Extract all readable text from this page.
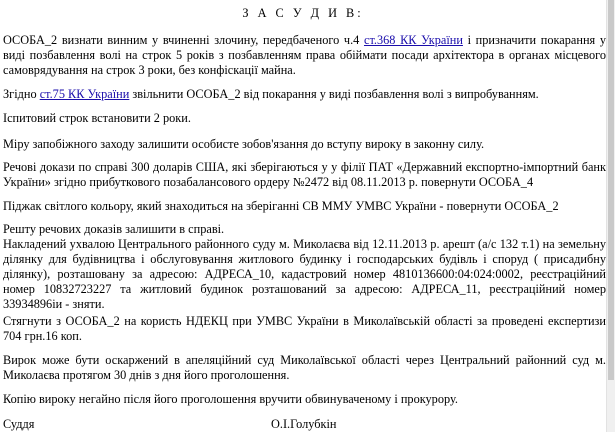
З А С У Д И В:

ОСОБА_2 визнати винним у вчиненні злочину, передбаченого ч.4 ст.368 КК України і призначити покарання у виді позбавлення волі на строк 5 років з позбавленням права обіймати посади архітектора в органах місцевого самоврядування на строк 3 роки, без конфіскації майна.

Згідно ст.75 КК України звільнити ОСОБА_2 від покарання у виді позбавлення волі з випробуванням.

Іспитовий строк встановити 2 роки.

Міру запобіжного заходу залишити особисте зобов'язання до вступу вироку в законну силу.

Речові докази по справі 300 доларів США, які зберігаються у у філії ПАТ «Державний експортно-імпортний банк України» згідно прибуткового позабалансового ордеру №2472 від 08.11.2013 р. повернути ОСОБА_4

Піджак світлого кольору, який знаходиться на зберіганні СВ ММУ УМВС України - повернути ОСОБА_2

Решту речових доказів залишити в справі.

Накладений ухвалою Центрального районного суду м. Миколаєва від 12.11.2013 р. арешт (а/с 132 т.1) на земельну ділянку для будівництва і обслуговування житлового будинку і господарських будівль і споруд ( присадибну ділянку), розташовану за адресою: АДРЕСА_10, кадастровий номер 4810136600:04:024:0002, реєстраційний номер 10832723227 та житловий будинок розташований за адресою: АДРЕСА_11, реєстраційний номер 33934896іи - зняти.

Стягнути з ОСОБА_2 на користь НДЕКЦ при УМВС України в Миколаївській області за проведені експертизи 704 грн.16 коп.

Вирок може бути оскаржений в апеляційний суд Миколаївської області через Центральний районний суд м. Миколаєва протягом 30 днів з дня його проголошення.

Копію вироку негайно після його проголошення вручити обвинуваченому і прокурору.

Суддя	О.І.Голубкін
